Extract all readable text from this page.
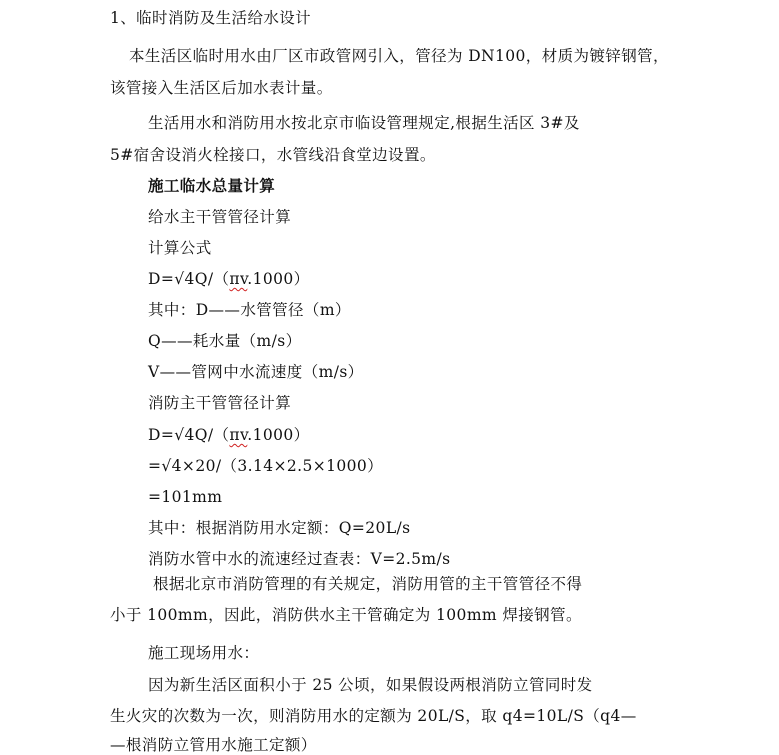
1、临时消防及生活给水设计
本生活区临时用水由厂区市政管网引入，管径为 DN100，材质为镀锌钢管，
该管接入生活区后加水表计量。
生活用水和消防用水按北京市临设管理规定,根据生活区 3#及
5#宿舍设消火栓接口，水管线沿食堂边设置。
施工临水总量计算
给水主干管管径计算
计算公式
D=√4Q/（πv.1000）
其中：D——水管管径（m）
Q——耗水量（m/s）
V——管网中水流速度（m/s）
消防主干管管径计算
D=√4Q/（πv.1000）
=√4×20/（3.14×2.5×1000）
=101mm
其中：根据消防用水定额：Q=20L/s
消防水管中水的流速经过查表：V=2.5m/s
根据北京市消防管理的有关规定，消防用管的主干管管径不得
小于 100mm，因此，消防供水主干管确定为 100mm 焊接钢管。
施工现场用水：
因为新生活区面积小于 25 公顷，如果假设两根消防立管同时发
生火灾的次数为一次，则消防用水的定额为 20L/S，取 q4=10L/S（q4—
—根消防立管用水施工定额）
